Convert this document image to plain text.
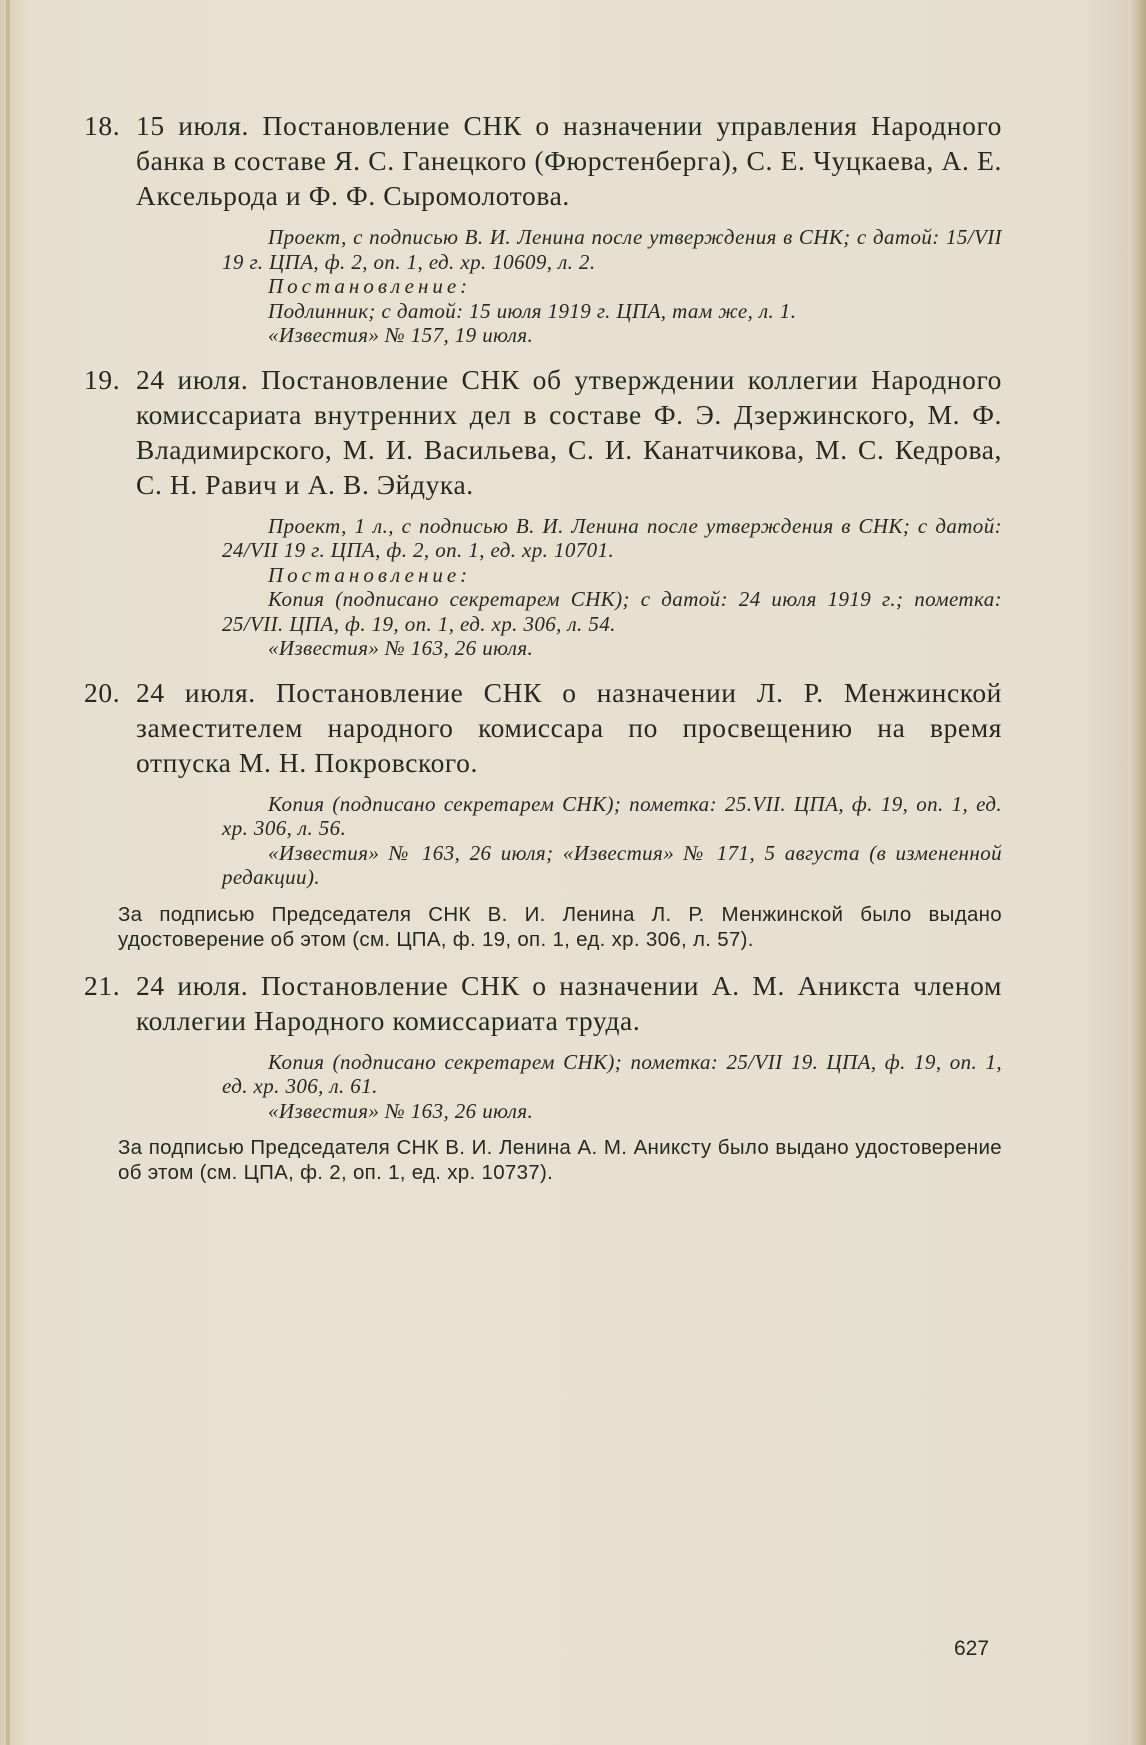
18. 15 июля. Постановление СНК о назначении управления Народного банка в составе Я. С. Ганецкого (Фюрстенберга), С. Е. Чуцкаева, А. Е. Аксельрода и Ф. Ф. Сыромолотова.
Проект, с подписью В. И. Ленина после утверждения в СНК; с датой: 15/VII 19 г. ЦПА, ф. 2, оп. 1, ед. хр. 10609, л. 2.
Постановление:
Подлинник; с датой: 15 июля 1919 г. ЦПА, там же, л. 1.
«Известия» № 157, 19 июля.
19. 24 июля. Постановление СНК об утверждении коллегии Народного комиссариата внутренних дел в составе Ф. Э. Дзержинского, М. Ф. Владимирского, М. И. Васильева, С. И. Канатчикова, М. С. Кедрова, С. Н. Равич и А. В. Эйдука.
Проект, 1 л., с подписью В. И. Ленина после утверждения в СНК; с датой: 24/VII 19 г. ЦПА, ф. 2, оп. 1, ед. хр. 10701.
Постановление:
Копия (подписано секретарем СНК); с датой: 24 июля 1919 г.; пометка: 25/VII. ЦПА, ф. 19, оп. 1, ед. хр. 306, л. 54.
«Известия» № 163, 26 июля.
20. 24 июля. Постановление СНК о назначении Л. Р. Менжинской заместителем народного комиссара по просвещению на время отпуска М. Н. Покровского.
Копия (подписано секретарем СНК); пометка: 25.VII. ЦПА, ф. 19, оп. 1, ед. хр. 306, л. 56.
«Известия» № 163, 26 июля; «Известия» № 171, 5 августа (в измененной редакции).
За подписью Председателя СНК В. И. Ленина Л. Р. Менжинской было выдано удостоверение об этом (см. ЦПА, ф. 19, оп. 1, ед. хр. 306, л. 57).
21. 24 июля. Постановление СНК о назначении А. М. Аникста членом коллегии Народного комиссариата труда.
Копия (подписано секретарем СНК); пометка: 25/VII 19. ЦПА, ф. 19, оп. 1, ед. хр. 306, л. 61.
«Известия» № 163, 26 июля.
За подписью Председателя СНК В. И. Ленина А. М. Аниксту было выдано удостоверение об этом (см. ЦПА, ф. 2, оп. 1, ед. хр. 10737).
627
